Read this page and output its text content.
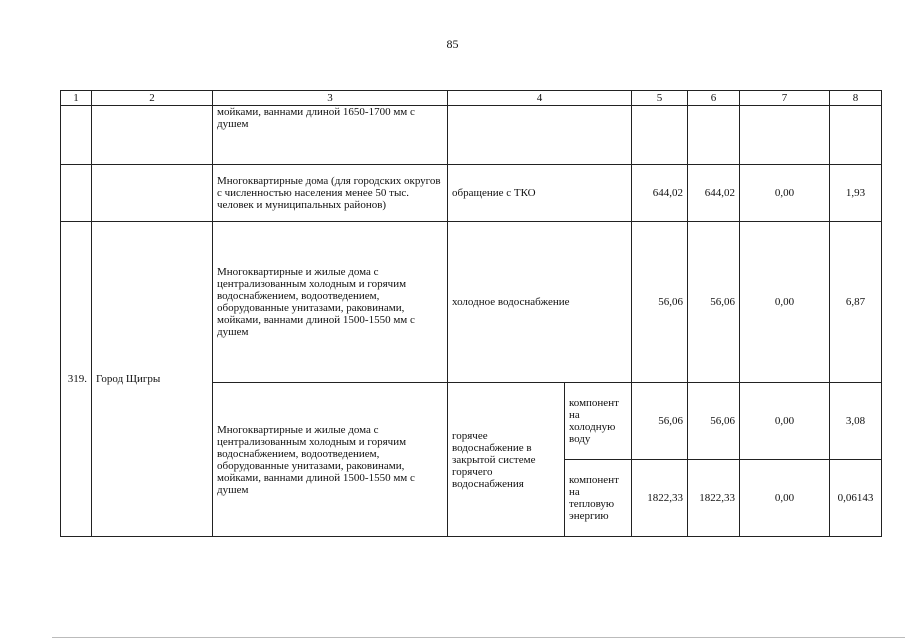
85
1	2	3	4		5	6	7	8
		мойками, ваннами длиной 1650-1700 мм с душем						
		Многоквартирные дома (для городских округов с численностью населения менее 50 тыс. человек и муниципальных районов)	обращение с ТКО		644,02	644,02	0,00	1,93
319.	Город Щигры	Многоквартирные и жилые дома с централизованным холодным и горячим водоснабжением, водоотведением, оборудованные унитазами, раковинами, мойками, ваннами длиной 1500-1550 мм с душем	холодное водоснабжение		56,06	56,06	0,00	6,87
		Многоквартирные и жилые дома с централизованным холодным и горячим водоснабжением, водоотведением, оборудованные унитазами, раковинами, мойками, ваннами длиной 1500-1550 мм с душем	горячее водоснабжение в закрытой системе горячего водоснабжения	компонент на холодную воду	56,06	56,06	0,00	3,08
				компонент на тепловую энергию	1822,33	1822,33	0,00	0,06143
